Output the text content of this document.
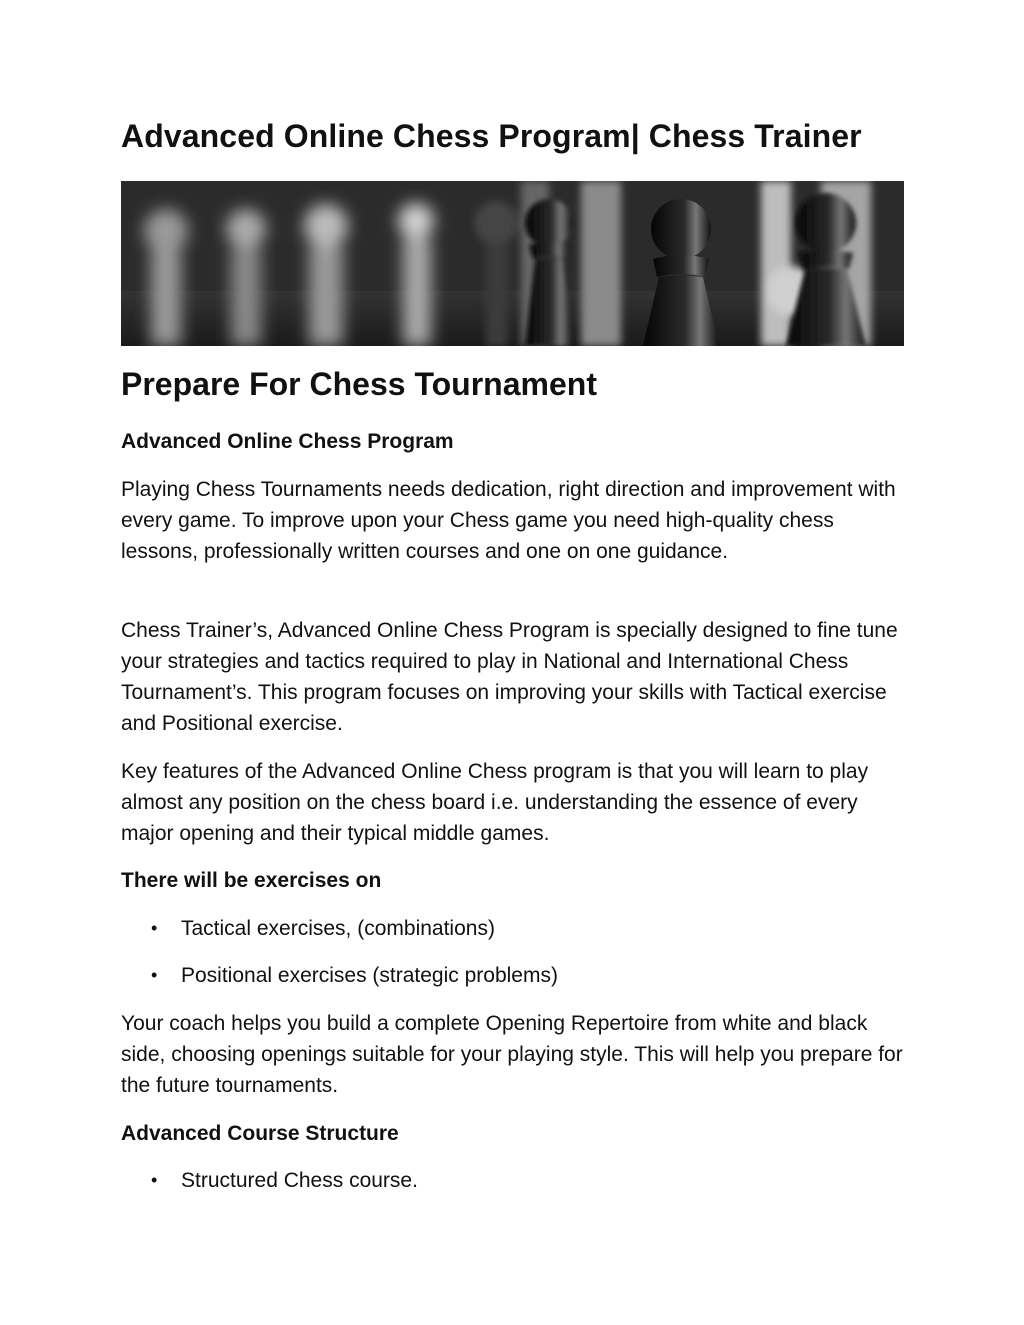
Advanced Online Chess Program| Chess Trainer
Prepare For Chess Tournament

Advanced Online Chess Program

Playing Chess Tournaments needs dedication, right direction and improvement with every game. To improve upon your Chess game you need high-quality chess lessons, professionally written courses and one on one guidance.

Chess Trainer’s, Advanced Online Chess Program is specially designed to fine tune your strategies and tactics required to play in National and International Chess Tournament’s. This program focuses on improving your skills with Tactical exercise and Positional exercise.

Key features of the Advanced Online Chess program is that you will learn to play almost any position on the chess board i.e. understanding the essence of every major opening and their typical middle games.

There will be exercises on

• Tactical exercises, (combinations)
• Positional exercises (strategic problems)

Your coach helps you build a complete Opening Repertoire from white and black side, choosing openings suitable for your playing style. This will help you prepare for the future tournaments.

Advanced Course Structure

• Structured Chess course.
